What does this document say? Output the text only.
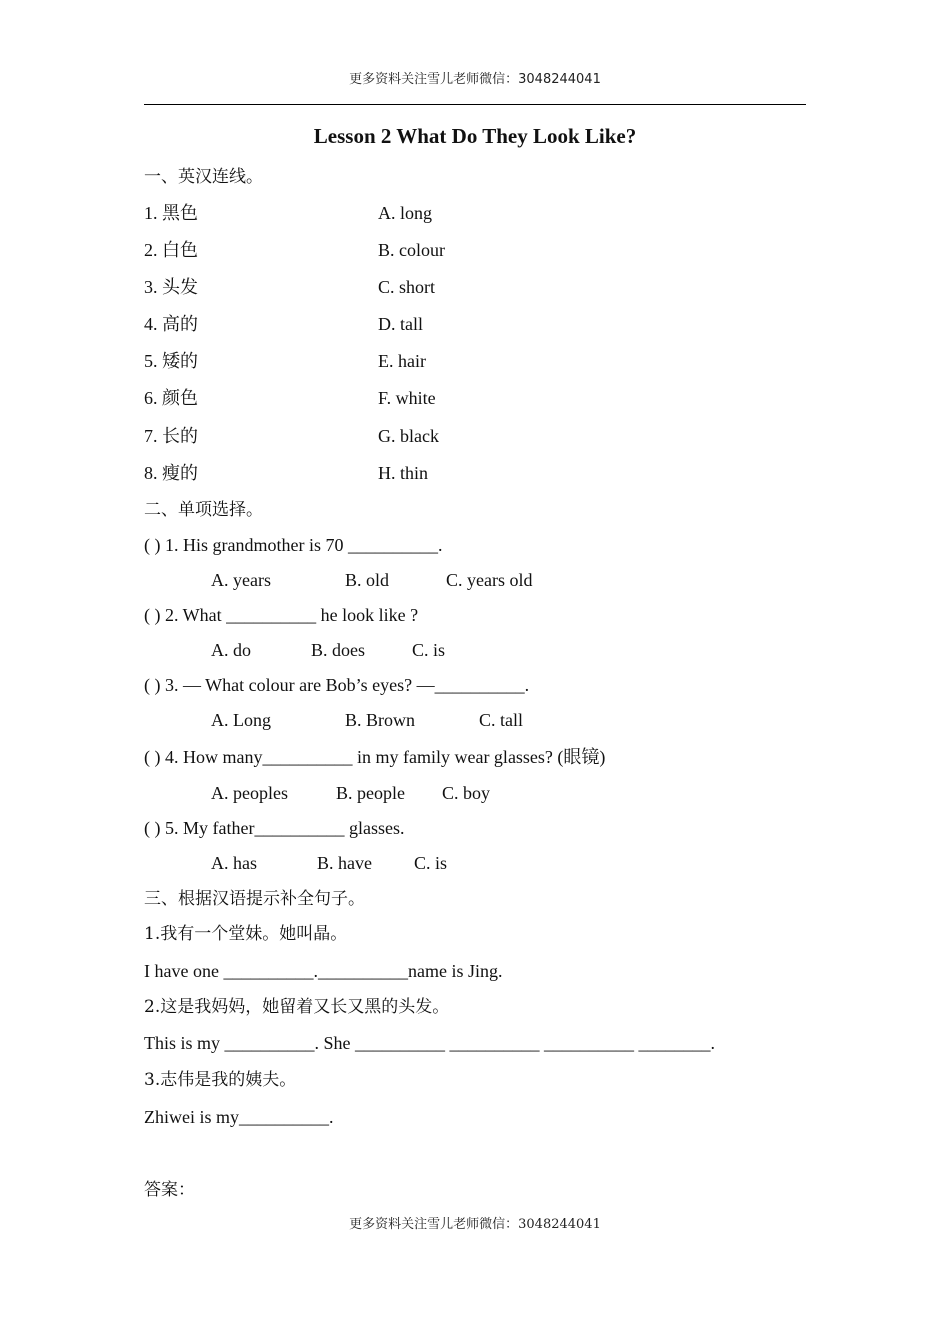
更多资料关注雪儿老师微信：3048244041
Lesson 2 What Do They Look Like?
一、英汉连线。
1. 黑色	A. long
2. 白色	B. colour
3. 头发	C. short
4. 高的	D. tall
5. 矮的	E. hair
6. 颜色	F. white
7. 长的	G. black
8. 瘦的	H. thin
二、单项选择。
( ) 1. His grandmother is 70 __________.
A. years	B. old	C. years old
( ) 2. What __________ he look like ?
A. do	B. does	C. is
( ) 3. — What colour are Bob’s eyes? —__________.
A. Long	B. Brown	C. tall
( ) 4. How many__________ in my family wear glasses? (眼镜)
A. peoples	B. people C. boy
( ) 5. My father__________ glasses.
A. has	B. have C. is
三、根据汉语提示补全句子。
1.我有一个堂妹。她叫晶。
I have one __________.__________name is Jing.
2.这是我妈妈，她留着又长又黑的头发。
This is my __________. She __________ __________ __________ ________.
3.志伟是我的姨夫。
Zhiwei is my__________.
答案：
更多资料关注雪儿老师微信：3048244041
